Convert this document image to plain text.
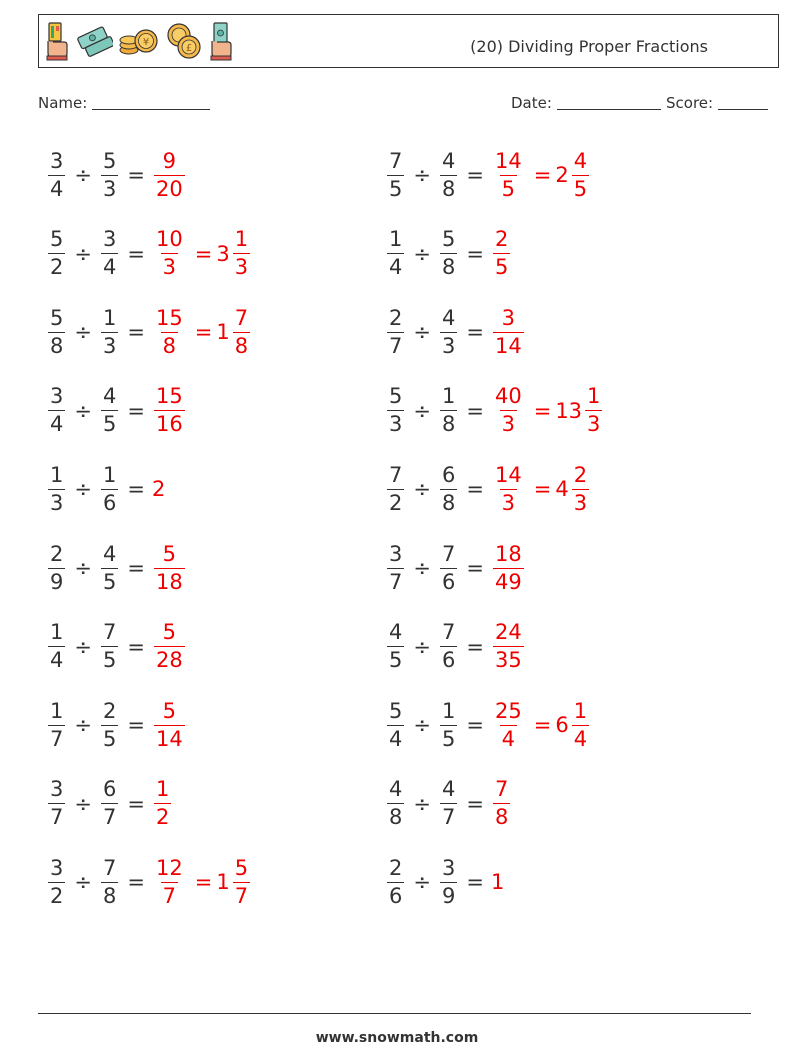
¥
£	(20) Dividing Proper Fractions
Name:	Date:	Score:
$\frac{3}{4} \div \frac{5}{3} = \frac{9}{20}$	$\frac{7}{5} \div \frac{4}{8} = \frac{14}{5} = 2 \frac{4}{5}$
$\frac{5}{2} \div \frac{3}{4} = \frac{10}{3} = 3 \frac{1}{3}$	$\frac{1}{4} \div \frac{5}{8} = \frac{2}{5}$
$\frac{5}{8} \div \frac{1}{3} = \frac{15}{8} = 1 \frac{7}{8}$	$\frac{2}{7} \div \frac{4}{3} = \frac{3}{14}$
$\frac{3}{4} \div \frac{4}{5} = \frac{15}{16}$	$\frac{5}{3} \div \frac{1}{8} = \frac{40}{3} = 13 \frac{1}{3}$
$\frac{1}{3} \div \frac{1}{6} = 2$	$\frac{7}{2} \div \frac{6}{8} = \frac{14}{3} = 4 \frac{2}{3}$
$\frac{2}{9} \div \frac{4}{5} = \frac{5}{18}$	$\frac{3}{7} \div \frac{7}{6} = \frac{18}{49}$
$\frac{1}{4} \div \frac{7}{5} = \frac{5}{28}$	$\frac{4}{5} \div \frac{7}{6} = \frac{24}{35}$
$\frac{1}{7} \div \frac{2}{5} = \frac{5}{14}$	$\frac{5}{4} \div \frac{1}{5} = \frac{25}{4} = 6 \frac{1}{4}$
$\frac{3}{7} \div \frac{6}{7} = \frac{1}{2}$	$\frac{4}{8} \div \frac{4}{7} = \frac{7}{8}$
$\frac{3}{2} \div \frac{7}{8} = \frac{12}{7} = 1 \frac{5}{7}$	$\frac{2}{6} \div \frac{3}{9} = 1$
www.snowmath.com
